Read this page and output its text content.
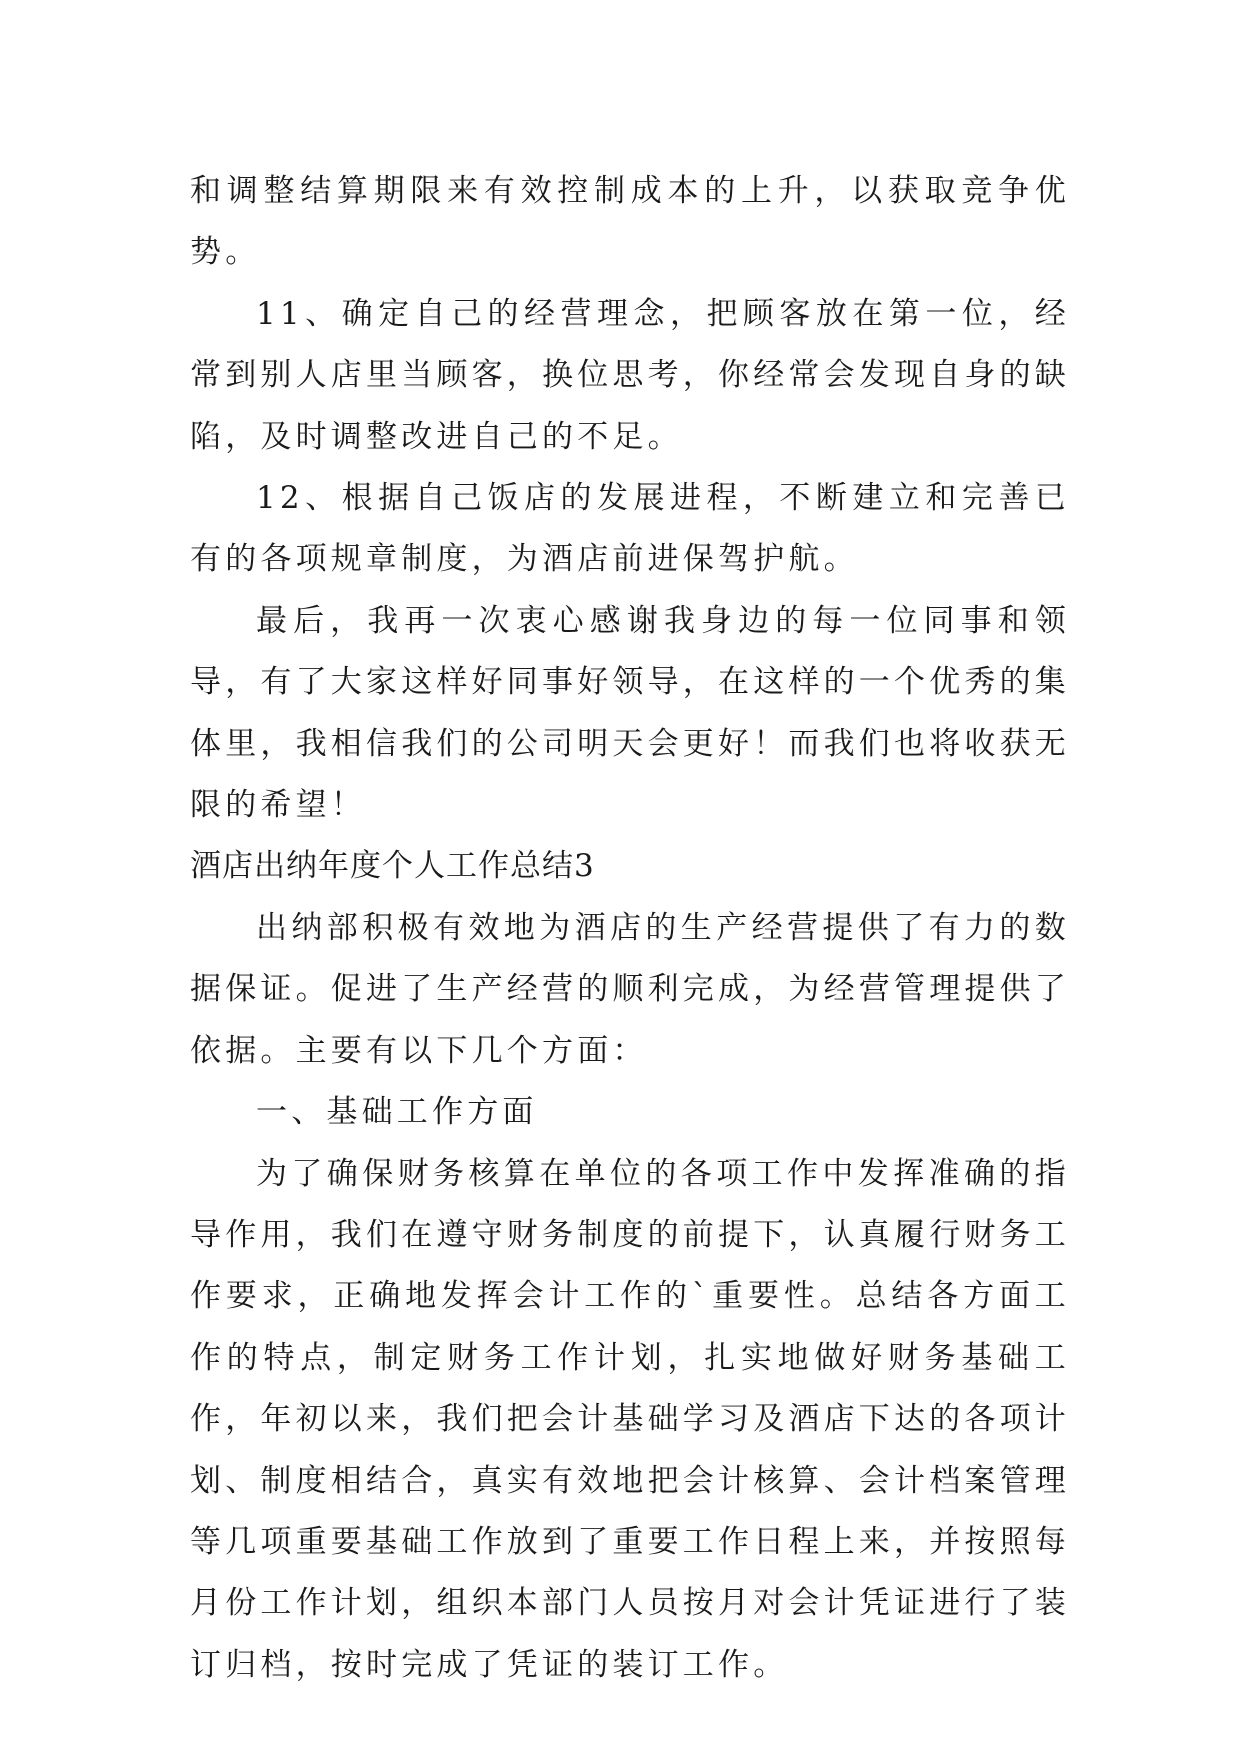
和调整结算期限来有效控制成本的上升，以获取竞争优势。

11、确定自己的经营理念，把顾客放在第一位，经常到别人店里当顾客，换位思考，你经常会发现自身的缺陷，及时调整改进自己的不足。

12、根据自己饭店的发展进程，不断建立和完善已有的各项规章制度，为酒店前进保驾护航。

最后，我再一次衷心感谢我身边的每一位同事和领导，有了大家这样好同事好领导，在这样的一个优秀的集体里，我相信我们的公司明天会更好！而我们也将收获无限的希望！

酒店出纳年度个人工作总结3

出纳部积极有效地为酒店的生产经营提供了有力的数据保证。促进了生产经营的顺利完成，为经营管理提供了依据。主要有以下几个方面：

一、基础工作方面

为了确保财务核算在单位的各项工作中发挥准确的指导作用，我们在遵守财务制度的前提下，认真履行财务工作要求，正确地发挥会计工作的`重要性。总结各方面工作的特点，制定财务工作计划，扎实地做好财务基础工作，年初以来，我们把会计基础学习及酒店下达的各项计划、制度相结合，真实有效地把会计核算、会计档案管理等几项重要基础工作放到了重要工作日程上来，并按照每月份工作计划，组织本部门人员按月对会计凭证进行了装订归档，按时完成了凭证的装订工作。
